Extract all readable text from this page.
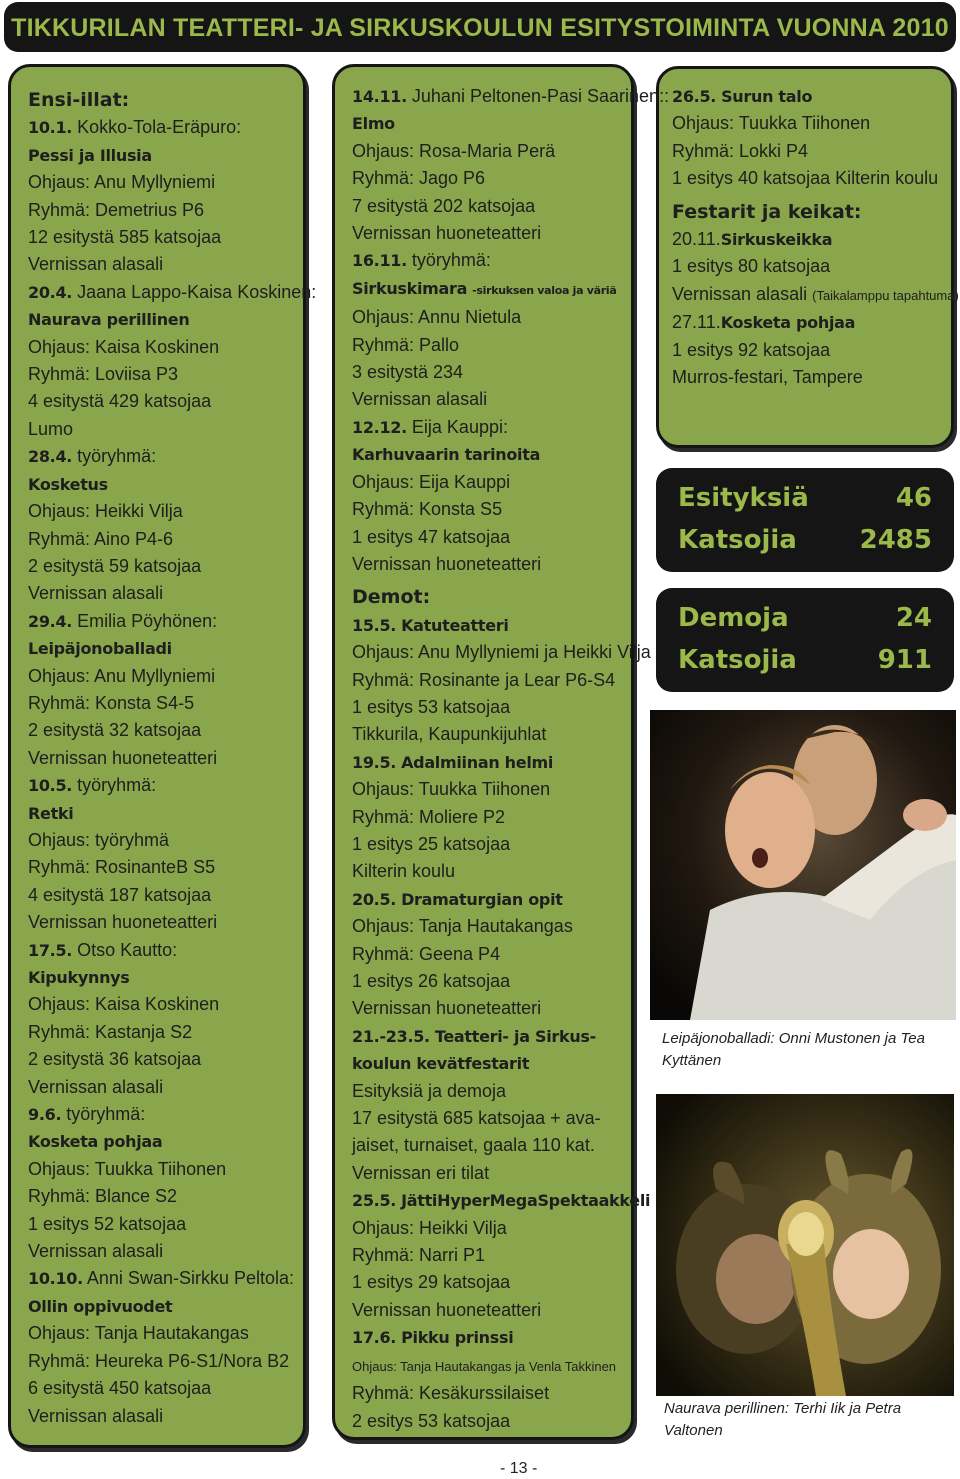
TIKKURILAN TEATTERI- JA SIRKUSKOULUN ESITYSTOIMINTA VUONNA 2010
Ensi-illat:
10.1. Kokko-Tola-Eräpuro:
Pessi ja Illusia
Ohjaus: Anu Myllyniemi
Ryhmä: Demetrius P6
12 esitystä 585 katsojaa
Vernissan alasali
20.4. Jaana Lappo-Kaisa Koskinen:
Naurava perillinen
Ohjaus: Kaisa Koskinen
Ryhmä: Loviisa P3
4 esitystä 429 katsojaa
Lumo
28.4. työryhmä:
Kosketus
Ohjaus: Heikki Vilja
Ryhmä: Aino P4-6
2 esitystä 59 katsojaa
Vernissan alasali
29.4. Emilia Pöyhönen:
Leipäjonoballadi
Ohjaus: Anu Myllyniemi
Ryhmä: Konsta S4-5
2 esitystä 32 katsojaa
Vernissan huoneteatteri
10.5. työryhmä:
Retki
Ohjaus: työryhmä
Ryhmä: RosinanteB S5
4 esitystä 187 katsojaa
Vernissan huoneteatteri
17.5. Otso Kautto:
Kipukynnys
Ohjaus: Kaisa Koskinen
Ryhmä: Kastanja S2
2 esitystä 36 katsojaa
Vernissan alasali
9.6. työryhmä:
Kosketa pohjaa
Ohjaus: Tuukka Tiihonen
Ryhmä: Blance S2
1 esitys 52 katsojaa
Vernissan alasali
10.10. Anni Swan-Sirkku Peltola:
Ollin oppivuodet
Ohjaus: Tanja Hautakangas
Ryhmä: Heureka P6-S1/Nora B2
6 esitystä 450 katsojaa
Vernissan alasali
14.11. Juhani Peltonen-Pasi Saarinen::
Elmo
Ohjaus: Rosa-Maria Perä
Ryhmä: Jago P6
7 esitystä 202 katsojaa
Vernissan huoneteatteri
16.11. työryhmä:
Sirkuskimara -sirkuksen valoa ja väriä
Ohjaus: Annu Nietula
Ryhmä: Pallo
3 esitystä 234
Vernissan alasali
12.12. Eija Kauppi:
Karhuvaarin tarinoita
Ohjaus: Eija Kauppi
Ryhmä: Konsta S5
1 esitys 47 katsojaa
Vernissan huoneteatteri
Demot:
15.5. Katuteatteri
Ohjaus: Anu Myllyniemi ja Heikki Vilja
Ryhmä: Rosinante ja Lear P6-S4
1 esitys 53 katsojaa
Tikkurila, Kaupunkijuhlat
19.5. Adalmiinan helmi
Ohjaus: Tuukka Tiihonen
Ryhmä: Moliere P2
1 esitys 25 katsojaa
Kilterin koulu
20.5. Dramaturgian opit
Ohjaus: Tanja Hautakangas
Ryhmä: Geena P4
1 esitys 26 katsojaa
Vernissan huoneteatteri
21.-23.5. Teatteri- ja Sirkus-
koulun kevätfestarit
Esityksiä ja demoja
17 esitystä 685 katsojaa + ava-
jaiset, turnaiset, gaala 110 kat.
Vernissan eri tilat
25.5. JättiHyperMegaSpektaakkeli
Ohjaus: Heikki Vilja
Ryhmä: Narri P1
1 esitys 29 katsojaa
Vernissan huoneteatteri
17.6. Pikku prinssi
Ohjaus: Tanja Hautakangas ja Venla Takkinen
Ryhmä: Kesäkurssilaiset
2 esitys 53 katsojaa
26.5. Surun talo
Ohjaus: Tuukka Tiihonen
Ryhmä: Lokki P4
1 esitys 40 katsojaa Kilterin koulu
Festarit ja keikat:
20.11.Sirkuskeikka
1 esitys 80 katsojaa
Vernissan alasali (Taikalamppu tapahtuma)
27.11.Kosketa pohjaa
1 esitys 92 katsojaa
Murros-festari, Tampere
Esityksiä	46
Katsojia 2485
Demoja	24
Katsojia	911
Leipäjonoballadi: Onni Mustonen ja Tea Kyttänen
Naurava perillinen: Terhi Iik ja Petra Valtonen
- 13 -
